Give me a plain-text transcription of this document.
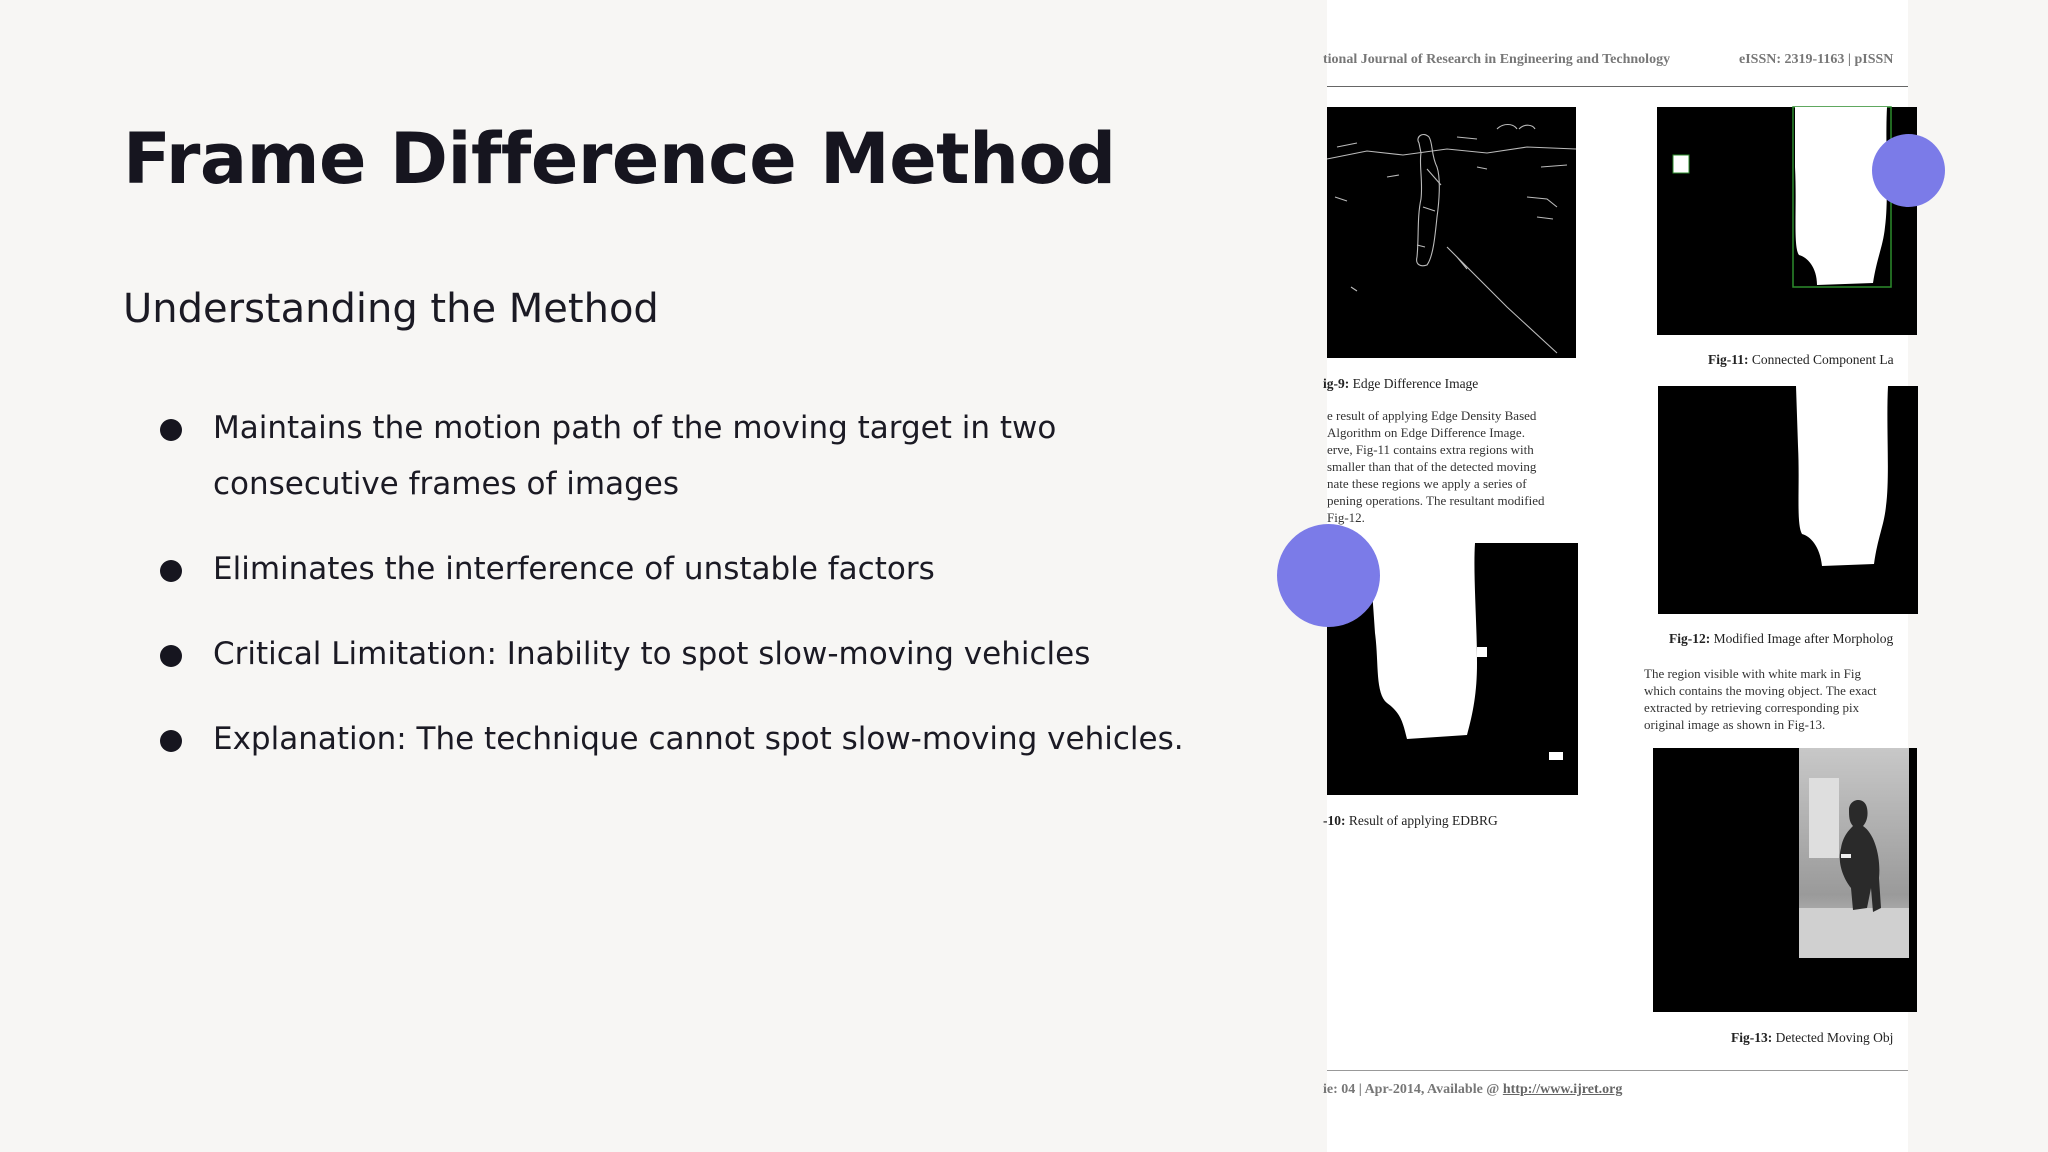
Frame Difference Method
Understanding the Method
Maintains the motion path of the moving target in two consecutive frames of images
Eliminates the interference of unstable factors
Critical Limitation: Inability to spot slow-moving vehicles
Explanation: The technique cannot spot slow-moving vehicles.
tional Journal of Research in Engineering and Technology	eISSN: 2319-1163 | pISSN
ig-9: Edge Difference Image
e result of applying Edge Density Based
Algorithm on Edge Difference Image.
erve, Fig-11 contains extra regions with
smaller than that of the detected moving
nate these regions we apply a series of
pening operations. The resultant modified
Fig-12.
-10: Result of applying EDBRG
Fig-11: Connected Component La
Fig-12: Modified Image after Morpholog
The region visible with white mark in Fig
which contains the moving object. The exact
extracted by retrieving corresponding pix
original image as shown in Fig-13.
Fig-13: Detected Moving Obj
ie: 04 | Apr-2014, Available @ http://www.ijret.org
